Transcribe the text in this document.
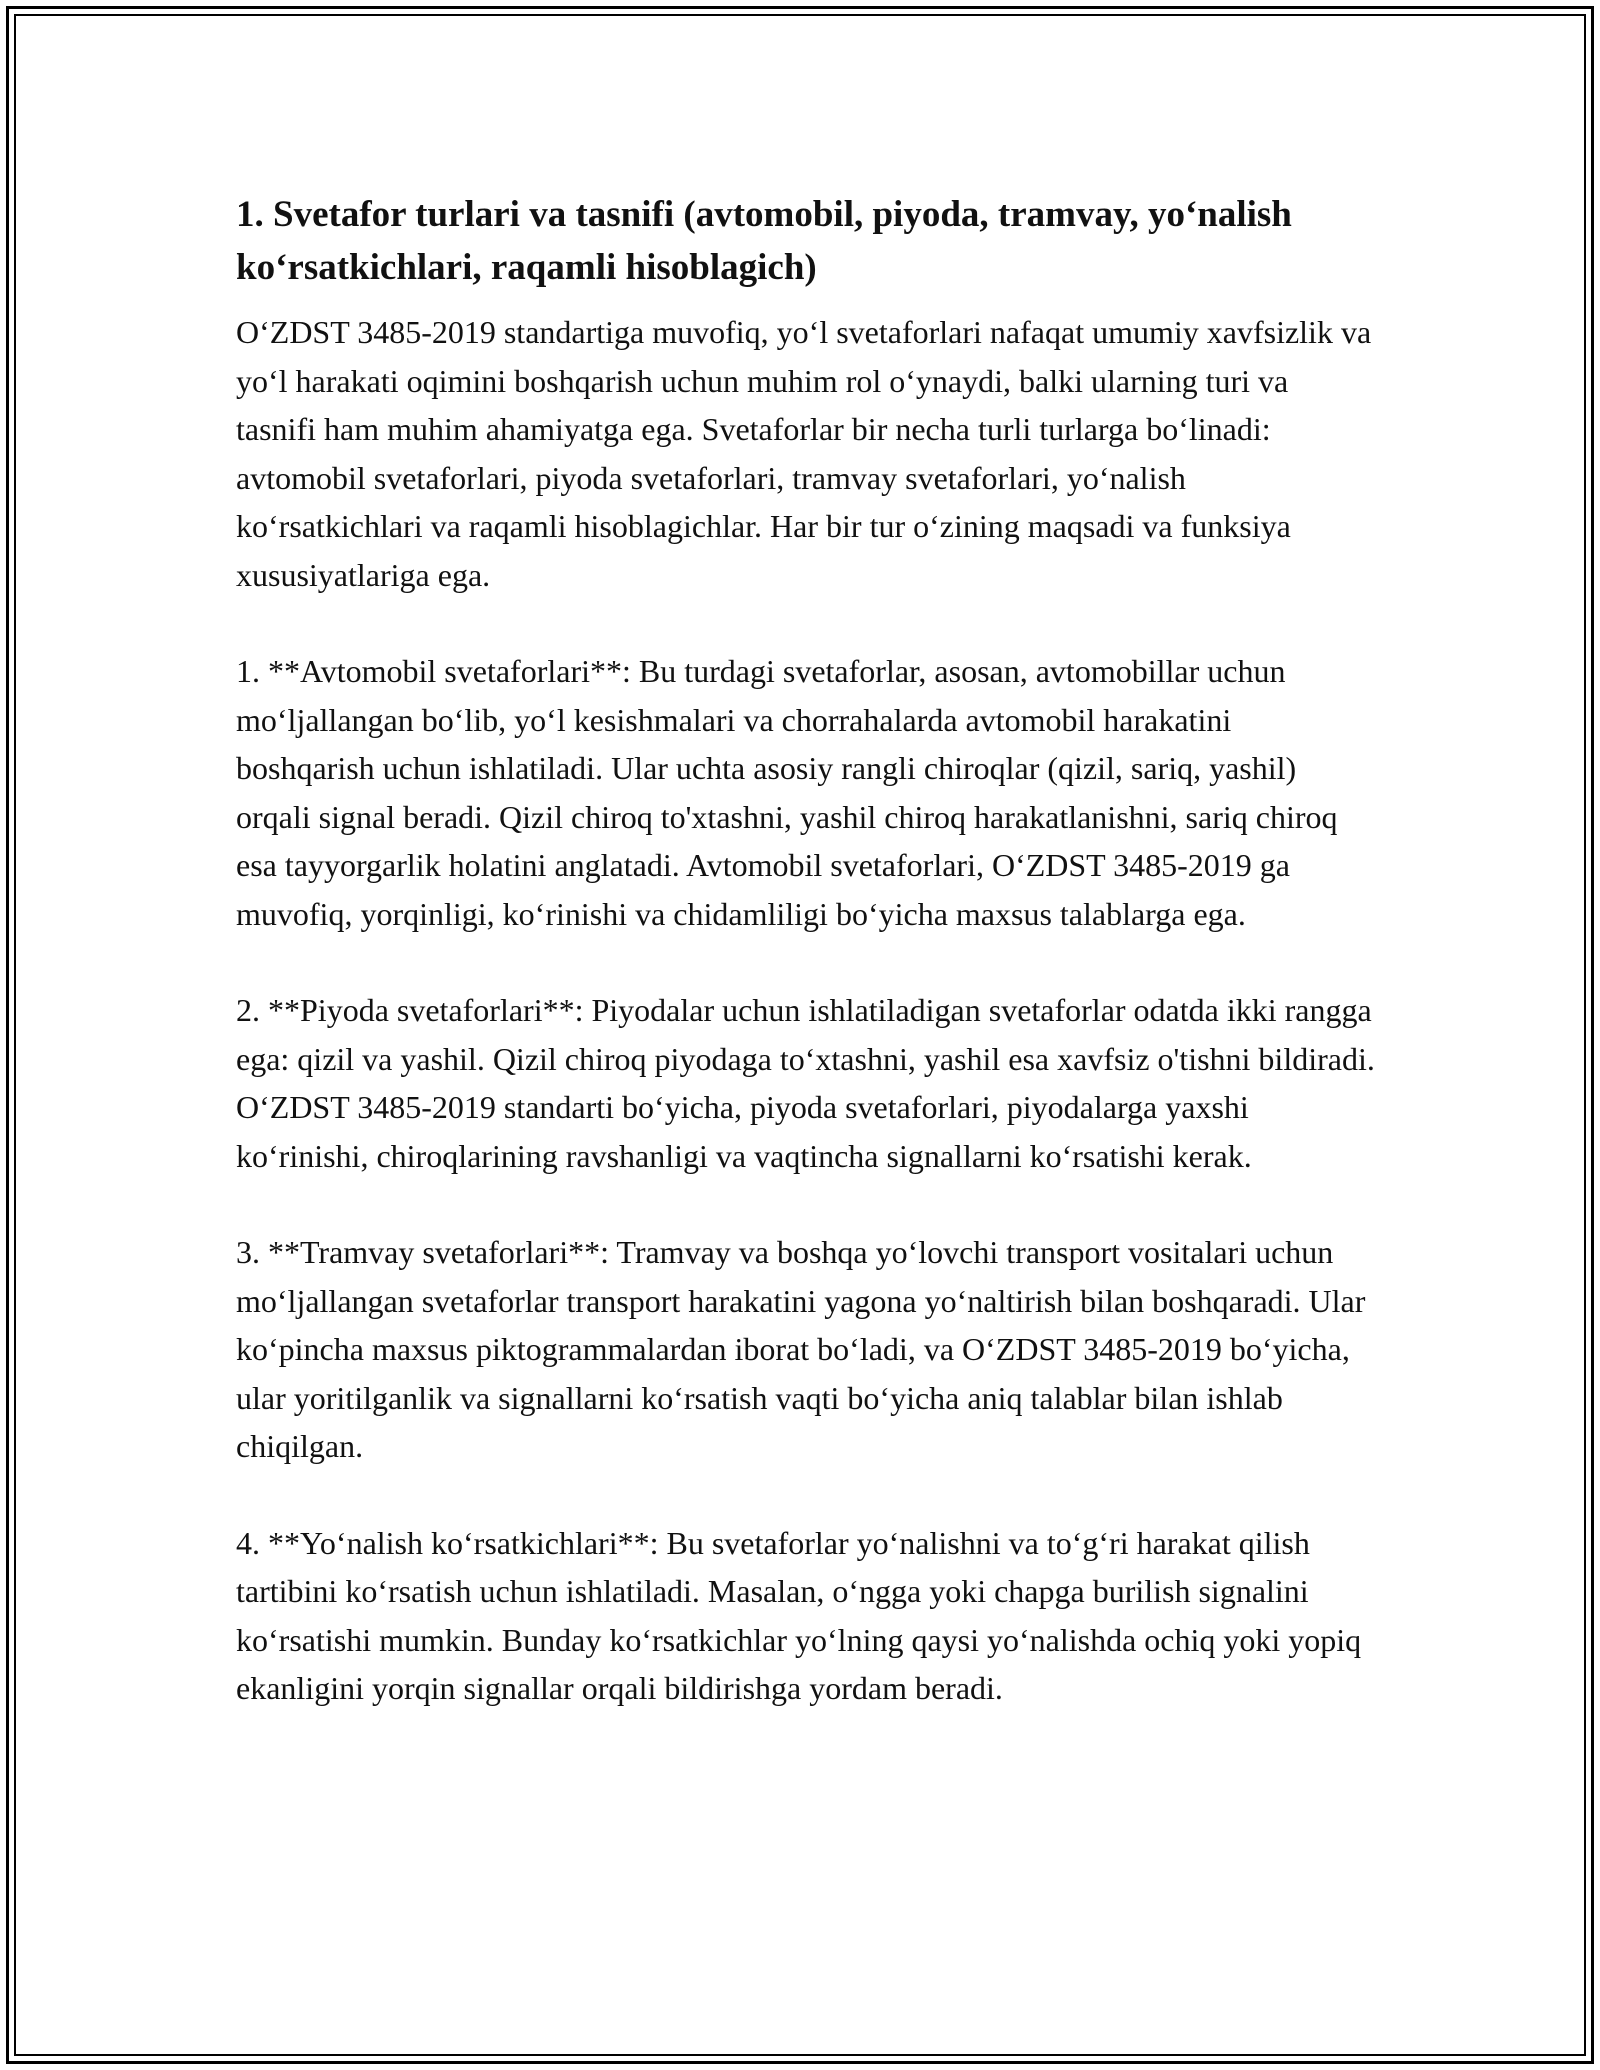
1. Svetafor turlari va tasnifi (avtomobil, piyoda, tramvay, yo‘nalish ko‘rsatkichlari, raqamli hisoblagich)

O‘ZDST 3485-2019 standartiga muvofiq, yo‘l svetaforlari nafaqat umumiy xavfsizlik va yo‘l harakati oqimini boshqarish uchun muhim rol o‘ynaydi, balki ularning turi va tasnifi ham muhim ahamiyatga ega. Svetaforlar bir necha turli turlarga bo‘linadi: avtomobil svetaforlari, piyoda svetaforlari, tramvay svetaforlari, yo‘nalish ko‘rsatkichlari va raqamli hisoblagichlar. Har bir tur o‘zining maqsadi va funksiya xususiyatlariga ega.

1. **Avtomobil svetaforlari**: Bu turdagi svetaforlar, asosan, avtomobillar uchun mo‘ljallangan bo‘lib, yo‘l kesishmalari va chorrahalarda avtomobil harakatini boshqarish uchun ishlatiladi. Ular uchta asosiy rangli chiroqlar (qizil, sariq, yashil) orqali signal beradi. Qizil chiroq to'xtashni, yashil chiroq harakatlanishni, sariq chiroq esa tayyorgarlik holatini anglatadi. Avtomobil svetaforlari, O‘ZDST 3485-2019 ga muvofiq, yorqinligi, ko‘rinishi va chidamliligi bo‘yicha maxsus talablarga ega.

2. **Piyoda svetaforlari**: Piyodalar uchun ishlatiladigan svetaforlar odatda ikki rangga ega: qizil va yashil. Qizil chiroq piyodaga to‘xtashni, yashil esa xavfsiz o'tishni bildiradi. O‘ZDST 3485-2019 standarti bo‘yicha, piyoda svetaforlari, piyodalarga yaxshi ko‘rinishi, chiroqlarining ravshanligi va vaqtincha signallarni ko‘rsatishi kerak.

3. **Tramvay svetaforlari**: Tramvay va boshqa yo‘lovchi transport vositalari uchun mo‘ljallangan svetaforlar transport harakatini yagona yo‘naltirish bilan boshqaradi. Ular ko‘pincha maxsus piktogrammalardan iborat bo‘ladi, va O‘ZDST 3485-2019 bo‘yicha, ular yoritilganlik va signallarni ko‘rsatish vaqti bo‘yicha aniq talablar bilan ishlab chiqilgan.

4. **Yo‘nalish ko‘rsatkichlari**: Bu svetaforlar yo‘nalishni va to‘g‘ri harakat qilish tartibini ko‘rsatish uchun ishlatiladi. Masalan, o‘ngga yoki chapga burilish signalini ko‘rsatishi mumkin. Bunday ko‘rsatkichlar yo‘lning qaysi yo‘nalishda ochiq yoki yopiq ekanligini yorqin signallar orqali bildirishga yordam beradi.
